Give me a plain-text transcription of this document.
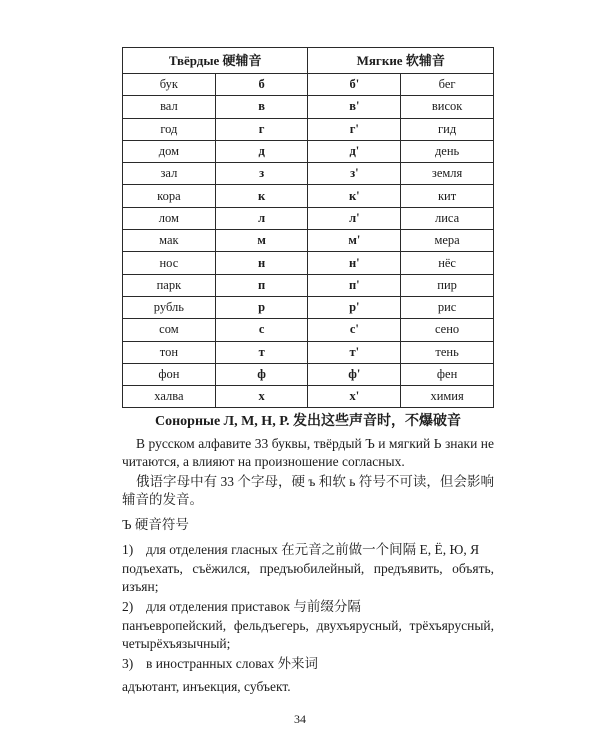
Твёрдые 硬辅音		Мягкие 软辅音	
бук	б	б'	бег
вал	в	в'	висок
год	г	г'	гид
дом	д	д'	день
зал	з	з'	земля
кора	к	к'	кит
лом	л	л'	лиса
мак	м	м'	мера
нос	н	н'	нёс
парк	п	п'	пир
рубль	р	р'	рис
сом	с	с'	сено
тон	т	т'	тень
фон	ф	ф'	фен
халва	х	х'	химия
Сонорные Л, М, Н, Р. 发出这些声音时，不爆破音
В русском алфавите 33 буквы, твёрдый Ъ и мягкий Ь знаки не читаются, а влияют на произношение согласных.
俄语字母中有 33 个字母，硬 ъ 和软 ь 符号不可读，但会影响辅音的发音。
Ъ 硬音符号
1) для отделения гласных 在元音之前做一个间隔 Е, Ё, Ю, Я
подъехать, съёжился, предъюбилейный, предъявить, объять, изъян;
2) для отделения приставок 与前缀分隔
панъевропейский, фельдъегерь, двухъярусный, трёхъярусный, четырёхъязычный;
3) в иностранных словах 外来词
адъютант, инъекция, субъект.
34
